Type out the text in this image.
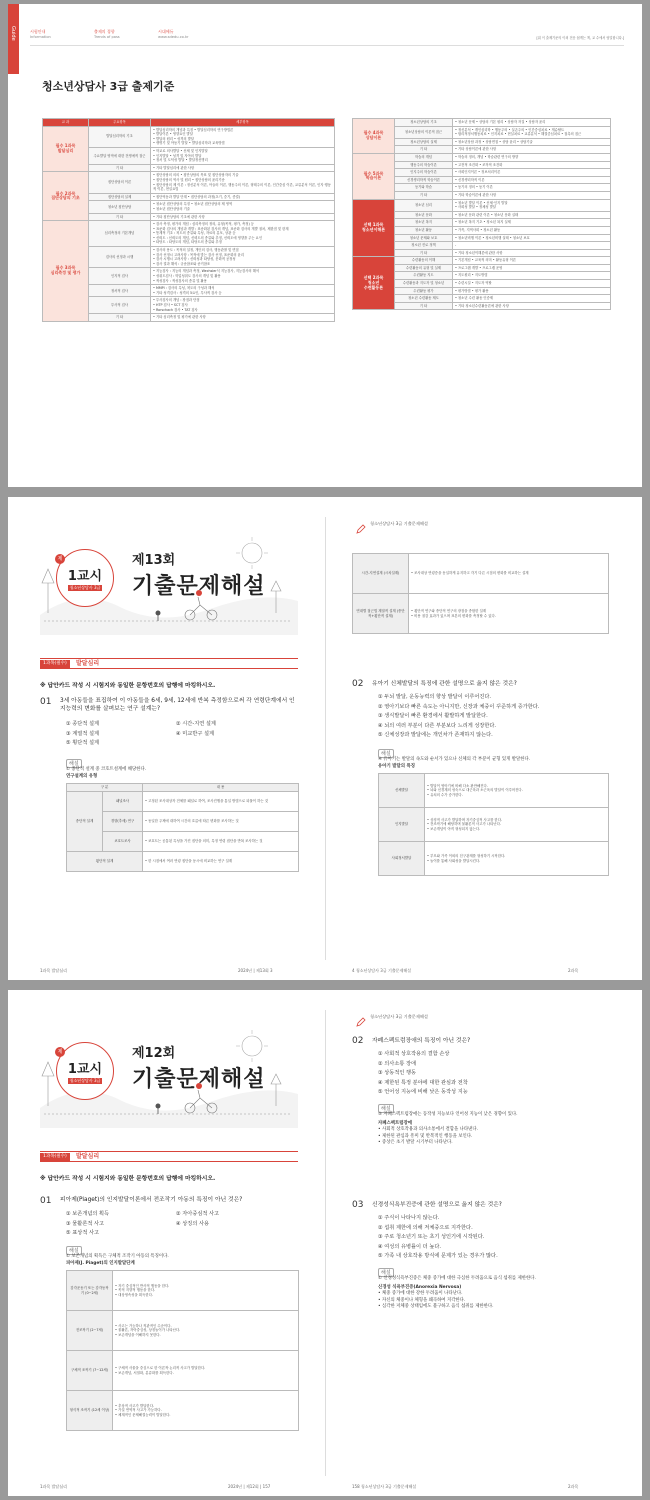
Guide	시험안내
Information
출제의 경향
Trends of pass
시대에듀
www.sdedu.co.kr	[위 이 출제기준의 이외 전문 쉽게는 책, 교 수에서 엄밀합니다.]
청소년상담사 3급 출제기준
교 과	주요항목	세부항목
필수 1과목
발달심리	발달심리학의 기초	• 발달심리학의 개념과 특징 • 발달심리학의 연구방법론
• 발달이론 • 영향요인 발달
• 발달의 원리 • 성격의 발달
• 생명기 및 아동기 발달 • 발달심리학과 교육방법
	주요발달 영역에 대한 전생애적 접근	• 학교로 의사발달 • 신체 및 인지발달
• 인지발달 • 성격 및 자아의 발달
• 정서 및 도덕성 발달 • 발달정신병리
	기 타	• 기타 발달심리에 관한 사항
필수 2과목
집단상담의 기초	집단상담의 이론	• 집단상담의 의의 • 집단상담의 목표 및 집단상담자의 기술
• 집단상담의 역사 및 원리 • 집단상담의 윤리기준
• 집단상담의 제 이론 : 정신분석 이론, 아들러 이론, 행동주의 이론, 형태주의 이론, 인간중심 이론, 교류분석 이론, 인지·행동적 이론, 현실요법
	집단상담의 실제	• 집단역동과 발달 단계 • 집단상담의 과정(초기, 중기, 종결)
	청소년 집단상담	• 청소년 집단상담의 특징 • 청소년 집단상담의 제 영역
• 청소년 집단상담의 기술
	기 타	• 기타 집단상담의 기초에 관한 사항
필수 3과목
심리측정 및 평가	심리측정의 기본개념	• 검사 측정, 평가의 개념 : 심리측정의 정의, 유형(목적, 평가, 측정) 등
• 표준화 검사의 개념과 개발 : 표준화된 검사의 개념, 표준화 검사의 개발 절차, 제한점 및 한계
• 통계적 기초 : 척도의 종류와 특성, 자료의 분포, 상관 등
• 신뢰도 : 신뢰도의 개념, 신뢰도의 종류와 추정, 신뢰도에 영향을 주는 요인
• 타당도 : 타당도의 개념, 타당도의 종류와 추정
	검사의 선정과 시행	• 검사의 용도 : 목적의 설정, 개인의 검사, 행동관찰 및 면접
• 검사 선정시 고려사항 : 목적에 맞는 검사 선정, 표준화의 윤리
• 검사 시행시 고려사항 : 신뢰성과 타당성, 문화적 공정성
• 검사 결과 해석 : 규준참조와 준거참조
	인지적 검사	• 지능검사 : 지능의 개념과 측정, Wechsler식 지능검사, 지능검사의 해석
• 성취도검사 : 학업성취도 검사의 개념 및 활용
• 적성검사 : 적성검사의 종류 및 활용
	정서적 검사	• MMPI : 검사의 특성, 척도의 구성과 해석
• 기타 성격검사 : 성격의 5요인, 투사적 검사 등
	투사적 검사	• 투사검사의 개념 : 장점과 단점
• HTP 검사 • SCT 검사
• Rorschach 검사 • TAT 검사
	기 타	• 기타 심리측정 및 평가에 관한 사항
필수 4과목
상담이론	청소년상담의 기초	• 청소년 문제 • 상담의 기본 원리 • 상담자 자질 • 상담자 윤리
	청소년상담의 이론적 접근	• 정신분석 • 개인심리학 • 행동주의 • 실존주의 • 인간중심치료 • 게슈탈트
• 합리적정서행동치료 • 인지치료 • 현실치료 • 교류분석 • 해결중심치료 • 접촉의 접근
	청소년상담의 실제	• 청소년상담 과정 • 상담면접 • 상담 윤리 • 상담기술
	기 타	• 기타 상담이론에 관한 사항
필수 5과목
학습이론	학습의 개념	• 학습의 정의, 개념 • 학습관련 연구의 방향
	행동주의 학습이론	• 고전적 조건화 • 조작적 조건화
	인지주의 학습이론	• 사회인지이론 • 정보처리이론
	신경생리학적 학습이론	• 신경생리학적 이론
	동기와 학습	• 동기의 정의 • 동기 이론
	기 타	• 기타 학습이론에 관한 사항
선택 1과목
청소년이해론	청소년 심리	• 청소년 발달 이론 • 신체·인지 발달
• 사회성 발달 • 정체성 발달
	청소년 문화	• 청소년 문화 관련 이론 • 청소년 문화 실태
	청소년 복지	• 청소년 복지 기초 • 청소년 복지 실제
	청소년 활동	• 가족, 지역사회 • 청소년 활동
	청소년 문제와 보호	• 청소년비행 이론 • 청소년비행 실태 • 청소년 보호
	청소년 진로 정책	-
	기 타	• 기타 청소년이해론에 관한 사항
선택 2과목
청소년
수련활동론	수련활동의 이해	• 기본개념 • 교육적 의미 • 활동유형 이론
	수련활동의 유형 및 실제	• 프로그램 개발 • 프로그램 운영
	수련활동 지도	• 지도원리 • 지도방법
	수련활동과 지도자 및 청소년	• 수련시설 • 지도자 역할
	수련활동 평가	• 평가방법 • 평가 활용
	청소년 수련활동 제도	• 청소년 수련 활동 인증제
	기 타	• 기타 청소년수련활동론에 관한 사항
제
1교시
청소년상담사 3급
제13회
기출문제해설
1과목(필수)	발달심리
※ 답안카드 작성 시 시험지와 동일한 문항번호의 답행에 마킹하시오.
01 3세 아동들을 표집하여 이 아동들을 6세, 9세, 12세에 반복 측정함으로써 각 연령단계에서 인지능력의 변화를 살펴보는 연구 설계는?
① 종단적 설계	② 시간-지연 설계
③ 계열적 설계	④ 미교반구 설계
⑤ 횡단적 설계
해설
① 종단적 설계 중 코호트설계에 해당한다.
연구설계의 유형
구 분		내 용
종단적 설계	패널조사	• 고정된 조사대상자 전체를 패널로 하여, 조사진행을 통일 방법으로 되풀이 하는 것
	경향(추세) 연구	• 동일한 주제에 대하여 시간의 흐름에 따른 변화를 조사하는 것
	코호트조사	• 코호트는 공통된 특성을 가진 집단을 의미, 특정 연령 집단을 반복 조사하는 것
횡단적 설계		• 한 시점에서 여러 연령 집단을 동시에 비교하는 연구 설계
청소년상담사 3급 기출문제해설
시간-지연설계 (시차설계)	• 조사대상 연령층을 동일하게 유지하고 각기 다른 시점의 변화를 비교하는 설계
연대별 접근법 계열적 설계 (종단적+횡단적 설계)	• 횡단적 연구와 종단적 연구의 장점을 종합한 설계
• 비용 절감 효과가 있으며 표본의 변화를 측정할 수 있다.
02 유아기 신체발달의 특징에 관한 설명으로 옳지 않은 것은?
① 두뇌 발달, 운동능력의 향상 발달이 이루어진다.
② 영아기보다 빠른 속도는 아니지만, 신장과 체중이 꾸준하게 증가한다.
③ 생식발달이 빠른 환경에서 활발하게 발달한다.
④ 뇌의 여러 부분이 다른 부분보다 느리게 성장한다.
⑤ 신체성장과 발달에는 개인차가 존재하지 않는다.
해설
④ 유아기는 발달의 속도와 순서가 있으나 신체의 각 부분이 균형 있게 발달한다.
유아기 발달의 특징
신체발달	• 발달이 영아기에 비해 다소 완만해진다.
• 뇌와 신경계의 성숙으로 대근육과 소근육의 발달이 이루어진다.
• 유치의 수가 증가한다.
인지발달	• 상징적 사고가 발달하며 자기중심적 사고를 한다.
• 전조작기에 해당하며 물활론적 사고가 나타난다.
• 보존개념이 아직 형성되지 않는다.
사회정서발달	• 부모와 가족 이외의 친구관계를 형성하기 시작한다.
• 놀이를 통해 사회성을 발달시킨다.
1과목 발달심리	2024년 | 제13회 3	4 청소년상담사 3급 기출문제해설	2과목
제
1교시
청소년상담사 3급
제12회
기출문제해설
1과목(필수)	발달심리
※ 답안카드 작성 시 시험지와 동일한 문항번호의 답행에 마킹하시오.
01 피아제(Piaget)의 인지발달이론에서 전조작기 아동의 특징이 아닌 것은?
① 보존개념의 획득	② 자아중심적 사고
③ 물활론적 사고	④ 상징의 사용
⑤ 표상적 사고
해설
① 보존개념의 획득은 구체적 조작기 아동의 특징이다.
피아제(J. Piaget)의 인지발달단계
감각운동기 또는 감각동작기 (0~2세)	• 자기 중심적인 반사적 행동을 한다.
• 목적 지향적 행동을 한다.
• 대상영속성을 획득한다.
전조작기 (2~7세)	• 사고는 가능하나 직관적인 수준이다.
• 물활론, 자아중심성, 상징놀이가 나타난다.
• 보존개념을 이해하지 못한다.
구체적 조작기 (7~12세)	• 구체적 사물을 중심으로 한 이론적·논리적 사고가 발달한다.
• 보존개념, 서열화, 분류화를 획득한다.
형식적 조작기 (12세 이상)	• 추상적 사고가 발달한다.
• 가설 연역적 사고가 가능하다.
• 체계적인 문제해결능력이 발달한다.
청소년상담사 3급 기출문제해설
02 자폐스펙트럼장애의 특징이 아닌 것은?
① 사회적 상호작용의 결함 손상
② 의사소통 장애
③ 상동적인 행동
④ 제한된 특정 분야에 대한 관심과 전착
⑤ 언어성 지능에 비해 낮은 동작성 지능
해설
⑤ 자폐스펙트럼장애는 동작성 지능보다 언어성 지능이 낮은 경향이 있다.
자폐스펙트럼장애
• 사회적 상호작용과 의사소통에서 결함을 나타낸다.
• 제한된 관심과 흥미 및 반복적인 행동을 보인다.
• 증상은 초기 발달 시기부터 나타난다.
03 신경성식욕부진증에 관한 설명으로 옳지 않은 것은?
① 주식이 나타나지 않는다.
② 섭취 제한에 의해 저체중으로 지각한다.
③ 주로 청소년기 또는 초기 성인기에 시작된다.
④ 여성의 유병률이 더 높다.
⑤ 가족 내 상호작용 방식에 문제가 있는 경우가 많다.
해설
① 신경성식욕부진증은 체중 증가에 대한 극심한 두려움으로 음식 섭취를 제한한다.
신경성 식욕부진증(Anorexia Nervosa)
• 체중 증가에 대한 강한 두려움이 나타난다.
• 자신의 체중이나 체형을 왜곡하여 지각한다.
• 심각한 저체중 상태임에도 불구하고 음식 섭취를 제한한다.
1과목 발달심리	2024년 | 제12회 | 157	158 청소년상담사 3급 기출문제해설	2과목
